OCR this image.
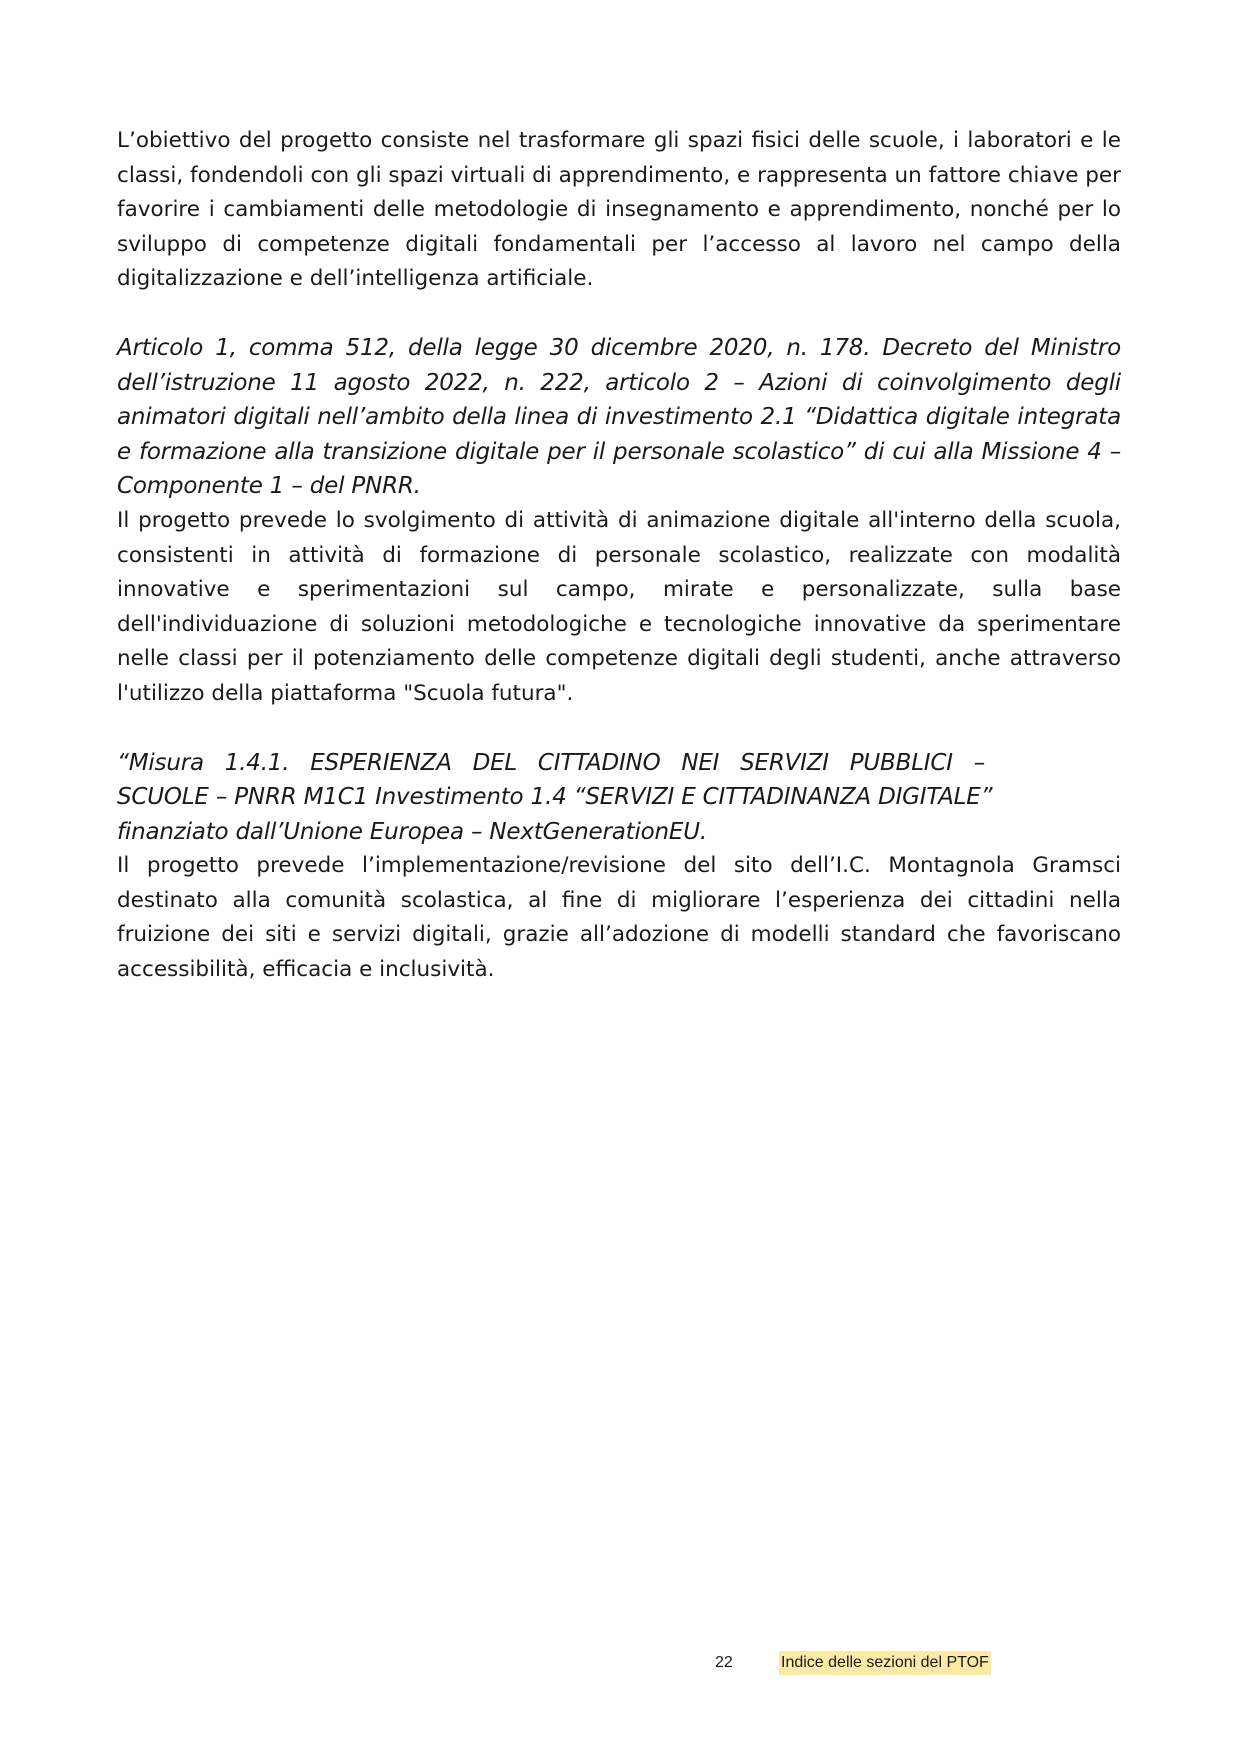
L’obiettivo del progetto consiste nel trasformare gli spazi fisici delle scuole, i laboratori e le classi, fondendoli con gli spazi virtuali di apprendimento, e rappresenta un fattore chiave per favorire i cambiamenti delle metodologie di insegnamento e apprendimento, nonché per lo sviluppo di competenze digitali fondamentali per l’accesso al lavoro nel campo della digitalizzazione e dell’intelligenza artificiale.

Articolo 1, comma 512, della legge 30 dicembre 2020, n. 178. Decreto del Ministro dell’istruzione 11 agosto 2022, n. 222, articolo 2 – Azioni di coinvolgimento degli animatori digitali nell’ambito della linea di investimento 2.1 “Didattica digitale integrata e formazione alla transizione digitale per il personale scolastico” di cui alla Missione 4 – Componente 1 – del PNRR.

Il progetto prevede lo svolgimento di attività di animazione digitale all'interno della scuola, consistenti in attività di formazione di personale scolastico, realizzate con modalità innovative e sperimentazioni sul campo, mirate e personalizzate, sulla base dell'individuazione di soluzioni metodologiche e tecnologiche innovative da sperimentare nelle classi per il potenziamento delle competenze digitali degli studenti, anche attraverso l'utilizzo della piattaforma "Scuola futura".

“Misura 1.4.1. ESPERIENZA DEL CITTADINO NEI SERVIZI PUBBLICI –

SCUOLE – PNRR M1C1 Investimento 1.4 “SERVIZI E CITTADINANZA DIGITALE”

finanziato dall’Unione Europea – NextGenerationEU.

Il progetto prevede l’implementazione/revisione del sito dell’I.C. Montagnola Gramsci destinato alla comunità scolastica, al fine di migliorare l’esperienza dei cittadini nella fruizione dei siti e servizi digitali, grazie all’adozione di modelli standard che favoriscano accessibilità, efficacia e inclusività.

22	Indice delle sezioni del PTOF
